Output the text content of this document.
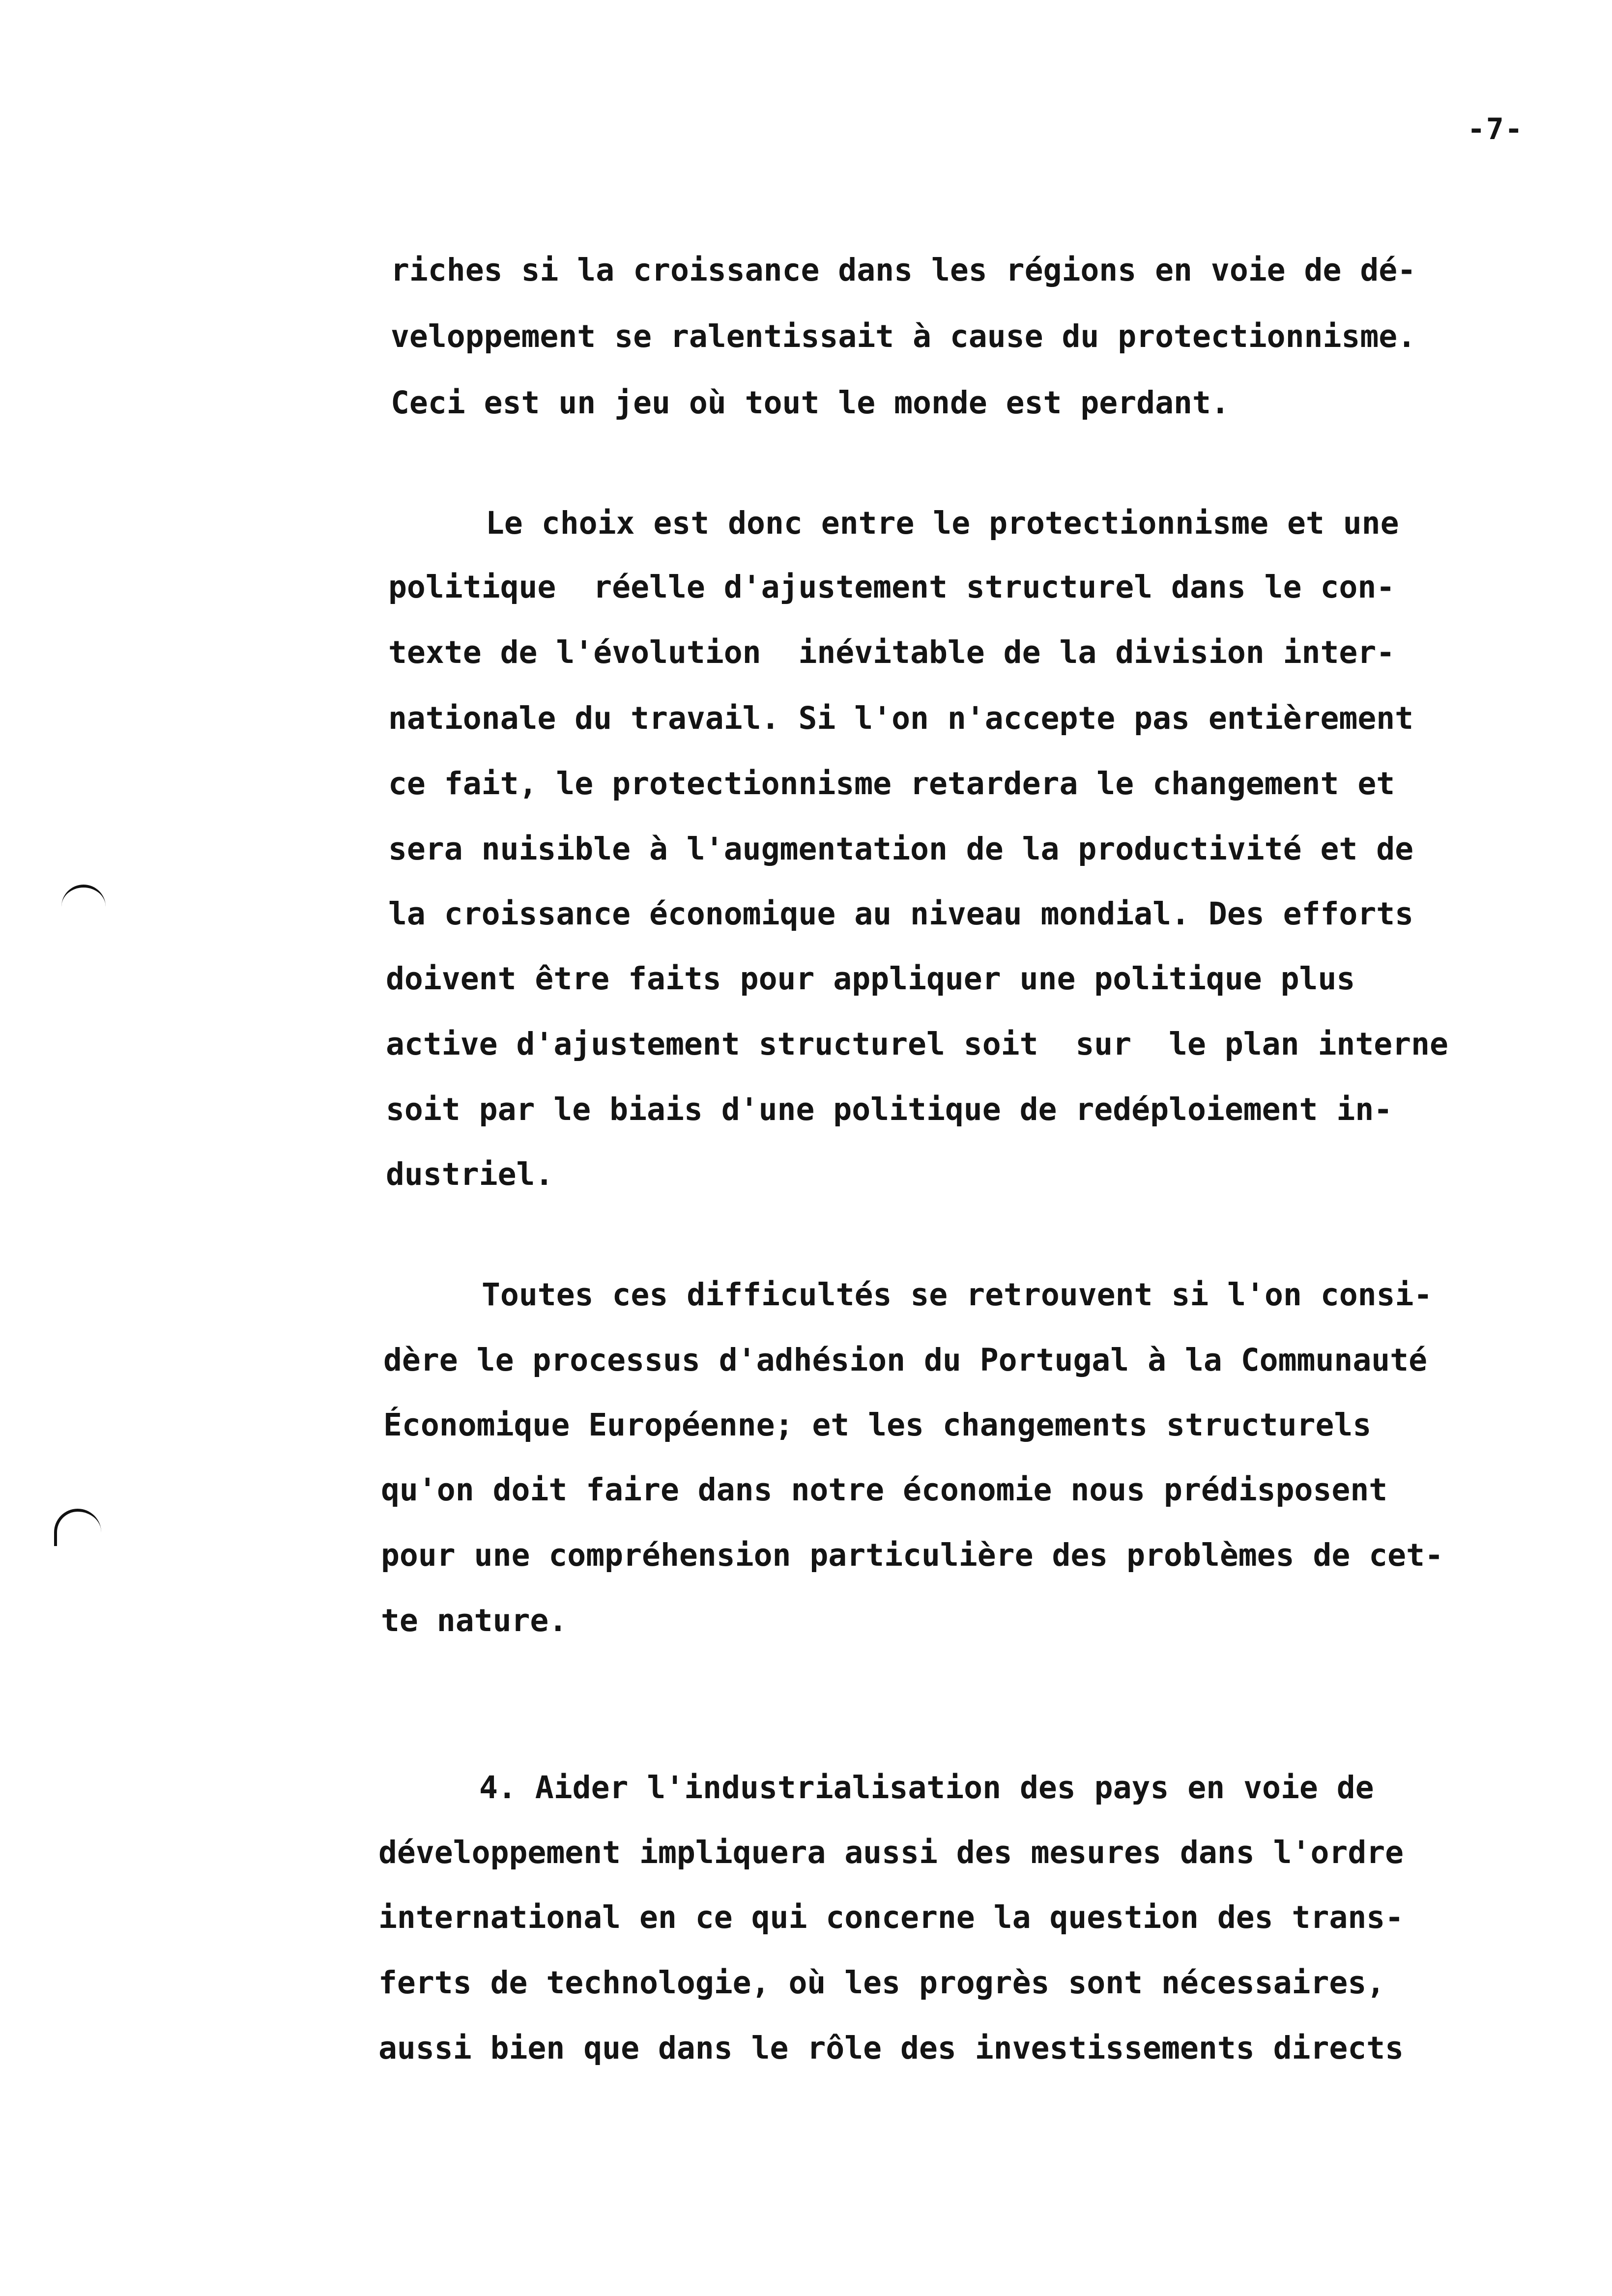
-7-

riches si la croissance dans les régions en voie de dé-

veloppement se ralentissait à cause du protectionnisme.

Ceci est un jeu où tout le monde est perdant.

Le choix est donc entre le protectionnisme et une

politique  réelle d'ajustement structurel dans le con-

texte de l'évolution  inévitable de la division inter-

nationale du travail. Si l'on n'accepte pas entièrement

ce fait, le protectionnisme retardera le changement et

sera nuisible à l'augmentation de la productivité et de

la croissance économique au niveau mondial. Des efforts

doivent être faits pour appliquer une politique plus

active d'ajustement structurel soit  sur  le plan interne

soit par le biais d'une politique de redéploiement in-

dustriel.

Toutes ces difficultés se retrouvent si l'on consi-

dère le processus d'adhésion du Portugal à la Communauté

Économique Européenne; et les changements structurels

qu'on doit faire dans notre économie nous prédisposent

pour une compréhension particulière des problèmes de cet-

te nature.

4. Aider l'industrialisation des pays en voie de

développement impliquera aussi des mesures dans l'ordre

international en ce qui concerne la question des trans-

ferts de technologie, où les progrès sont nécessaires,

aussi bien que dans le rôle des investissements directs
